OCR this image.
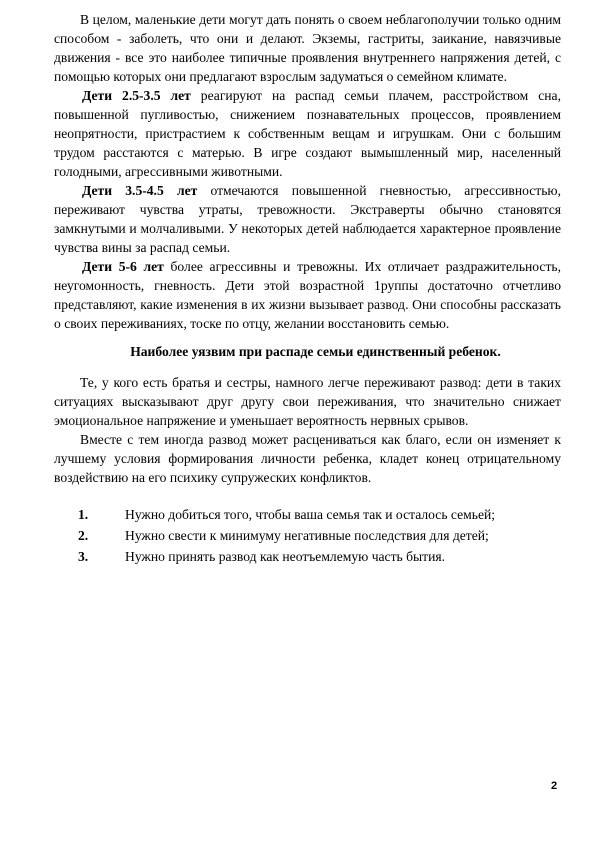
В целом, маленькие дети могут дать понять о своем неблагополучии только одним способом - заболеть, что они и делают. Экземы, гастриты, заикание, навязчивые движения - все это наиболее типичные проявления внутреннего напряжения детей, с помощью которых они предлагают взрослым задуматься о семейном климате.

Дети 2.5-3.5 лет реагируют на распад семьи плачем, расстройством сна, повышенной пугливостью, снижением познавательных процессов, проявлением неопрятности, пристрастием к собственным вещам и игрушкам. Они с большим трудом расстаются с матерью. В игре создают вымышленный мир, населенный голодными, агрессивными животными.

Дети 3.5-4.5 лет отмечаются повышенной гневностью, агрессивностью, переживают чувства утраты, тревожности. Экстраверты обычно становятся замкнутыми и молчаливыми. У некоторых детей наблюдается характерное проявление чувства вины за распад семьи.

Дети 5-6 лет более агрессивны и тревожны. Их отличает раздражительность, неугомонность, гневность. Дети этой возрастной 1руппы достаточно отчетливо представляют, какие изменения в их жизни вызывает развод. Они способны рассказать о своих переживаниях, тоске по отцу, желании восстановить семью.

Наиболее уязвим при распаде семьи единственный ребенок.

Те, у кого есть братья и сестры, намного легче переживают развод: дети в таких ситуациях высказывают друг другу свои переживания, что значительно снижает эмоциональное напряжение и уменьшает вероятность нервных срывов.

Вместе с тем иногда развод может расцениваться как благо, если он изменяет к лучшему условия формирования личности ребенка, кладет конец отрицательному воздействию на его психику супружеских конфликтов.

1.	Нужно добиться того, чтобы ваша семья так и осталось семьей;
2.	Нужно свести к минимуму негативные последствия для детей;
3.	Нужно принять развод как неотъемлемую часть бытия.
2
